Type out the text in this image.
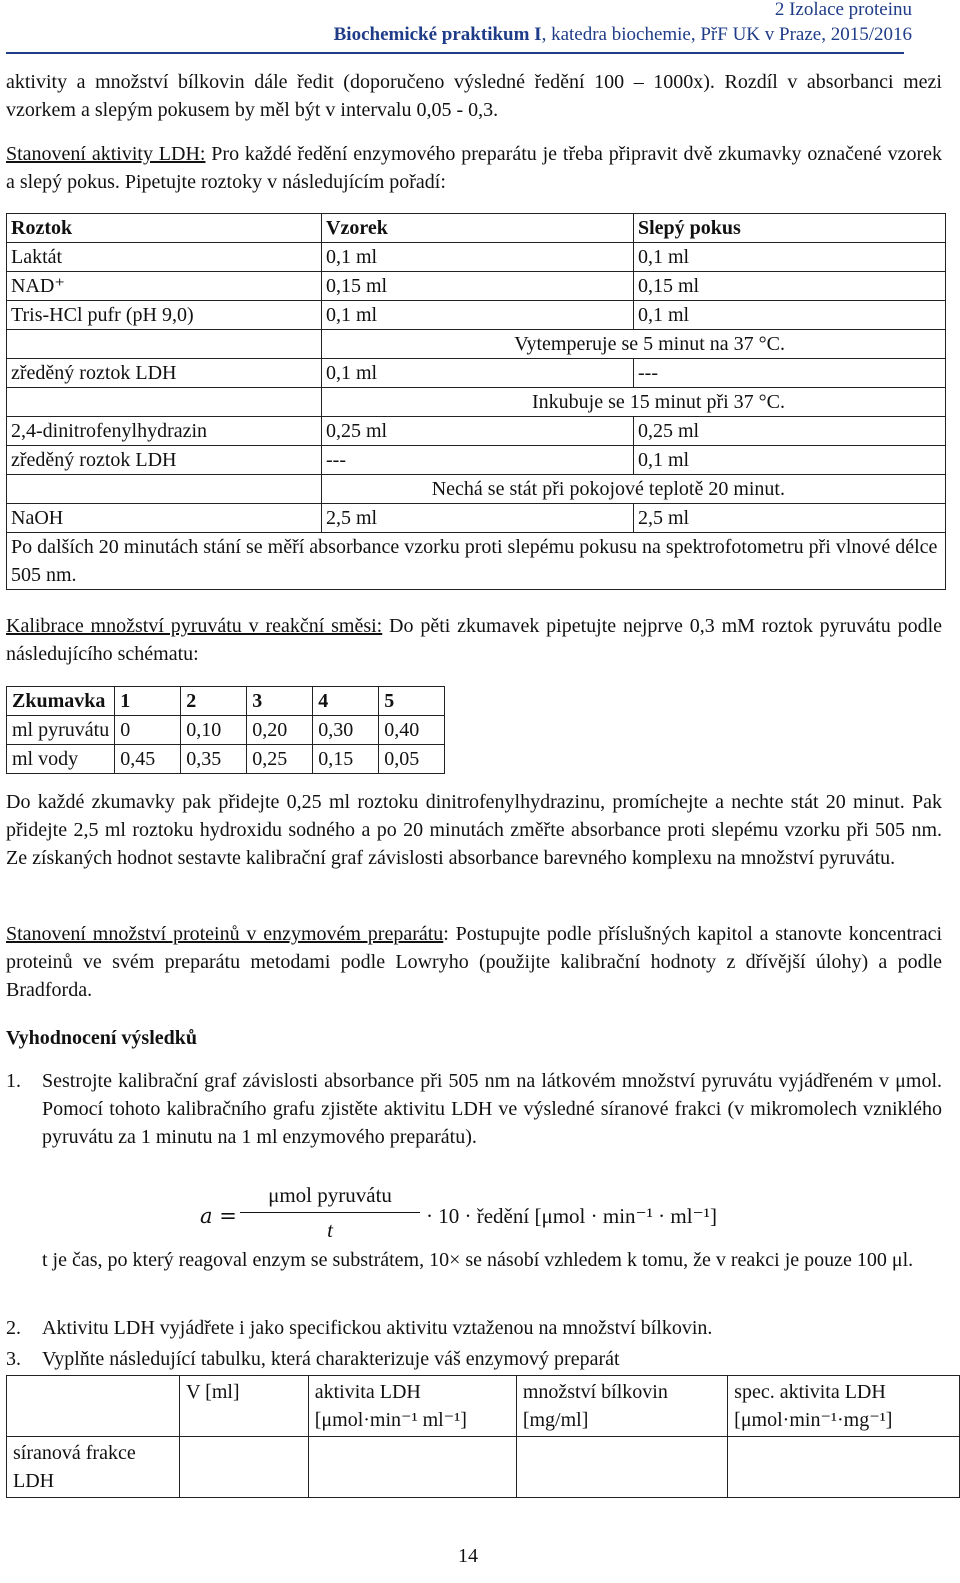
2 Izolace proteinu
Biochemické praktikum I, katedra biochemie, PřF UK v Praze, 2015/2016
aktivity a množství bílkovin dále ředit (doporučeno výsledné ředění 100 – 1000x). Rozdíl v absorbanci mezi vzorkem a slepým pokusem by měl být v intervalu 0,05 - 0,3.
Stanovení aktivity LDH: Pro každé ředění enzymového preparátu je třeba připravit dvě zkumavky označené vzorek a slepý pokus. Pipetujte roztoky v následujícím pořadí:
Roztok	Vzorek	Slepý pokus
Laktát	0,1 ml	0,1 ml
NAD⁺	0,15 ml	0,15 ml
Tris-HCl pufr (pH 9,0)	0,1 ml	0,1 ml
	Vytemperuje se 5 minut na 37 °C.	
zředěný roztok LDH	0,1 ml	---
	Inkubuje se 15 minut při 37 °C.	
2,4-dinitrofenylhydrazin	0,25 ml	0,25 ml
zředěný roztok LDH	---	0,1 ml
	Nechá se stát při pokojové teplotě 20 minut.	
NaOH	2,5 ml	2,5 ml
Po dalších 20 minutách stání se měří absorbance vzorku proti slepému pokusu na spektrofotometru při vlnové délce 505 nm.		
Kalibrace množství pyruvátu v reakční směsi: Do pěti zkumavek pipetujte nejprve 0,3 mM roztok pyruvátu podle následujícího schématu:
Zkumavka	1	2	3	4	5
ml pyruvátu	0	0,10	0,20	0,30	0,40
ml vody	0,45	0,35	0,25	0,15	0,05
Do každé zkumavky pak přidejte 0,25 ml roztoku dinitrofenylhydrazinu, promíchejte a nechte stát 20 minut. Pak přidejte 2,5 ml roztoku hydroxidu sodného a po 20 minutách změřte absorbance proti slepému vzorku při 505 nm. Ze získaných hodnot sestavte kalibrační graf závislosti absorbance barevného komplexu na množství pyruvátu.
Stanovení množství proteinů v enzymovém preparátu: Postupujte podle příslušných kapitol a stanovte koncentraci proteinů ve svém preparátu metodami podle Lowryho (použijte kalibrační hodnoty z dřívější úlohy) a podle Bradforda.
Vyhodnocení výsledků
1. Sestrojte kalibrační graf závislosti absorbance při 505 nm na látkovém množství pyruvátu vyjádřeném v μmol. Pomocí tohoto kalibračního grafu zjistěte aktivitu LDH ve výsledné síranové frakci (v mikromolech vzniklého pyruvátu za 1 minutu na 1 ml enzymového preparátu).
a =
μmol pyruvátu
t
· 10 · ředění [μmol · min⁻¹ · ml⁻¹]
t je čas, po který reagoval enzym se substrátem, 10× se násobí vzhledem k tomu, že v reakci je pouze 100 μl.
2. Aktivitu LDH vyjádřete i jako specifickou aktivitu vztaženou na množství bílkovin.
3. Vyplňte následující tabulku, která charakterizuje váš enzymový preparát
	V [ml]	aktivita LDH [μmol·min⁻¹ ml⁻¹]	množství bílkovin [mg/ml]	spec. aktivita LDH [μmol·min⁻¹·mg⁻¹]
síranová frakce LDH				
14
